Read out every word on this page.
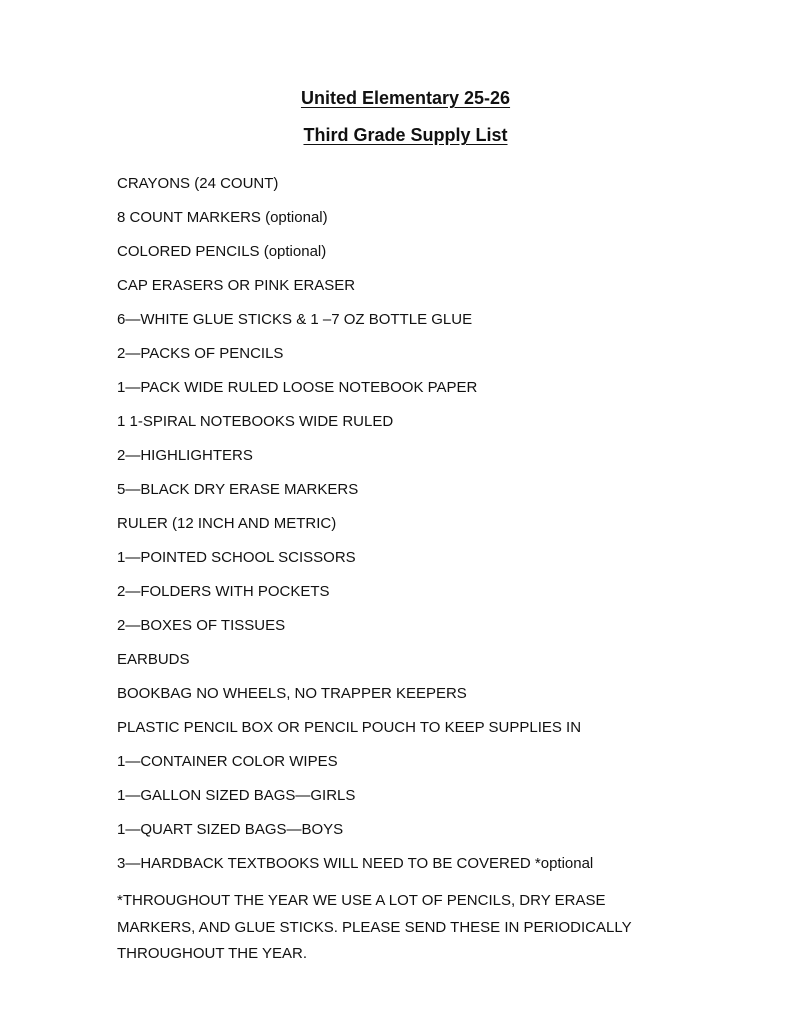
United Elementary 25-26
Third Grade Supply List
CRAYONS (24 COUNT)
8 COUNT MARKERS (optional)
COLORED PENCILS (optional)
CAP ERASERS OR PINK ERASER
6—WHITE GLUE STICKS & 1 –7 OZ BOTTLE GLUE
2—PACKS OF PENCILS
1—PACK WIDE RULED LOOSE NOTEBOOK PAPER
1 1-SPIRAL NOTEBOOKS WIDE RULED
2—HIGHLIGHTERS
5—BLACK DRY ERASE MARKERS
RULER (12 INCH AND METRIC)
1—POINTED SCHOOL SCISSORS
2—FOLDERS WITH POCKETS
2—BOXES OF TISSUES
EARBUDS
BOOKBAG NO WHEELS, NO TRAPPER KEEPERS
PLASTIC PENCIL BOX OR PENCIL POUCH TO KEEP SUPPLIES IN
1—CONTAINER COLOR WIPES
1—GALLON SIZED BAGS—GIRLS
1—QUART SIZED BAGS—BOYS
3—HARDBACK TEXTBOOKS WILL NEED TO BE COVERED *optional

*THROUGHOUT THE YEAR WE USE A LOT OF PENCILS, DRY ERASE MARKERS, AND GLUE STICKS. PLEASE SEND THESE IN PERIODICALLY THROUGHOUT THE YEAR.
